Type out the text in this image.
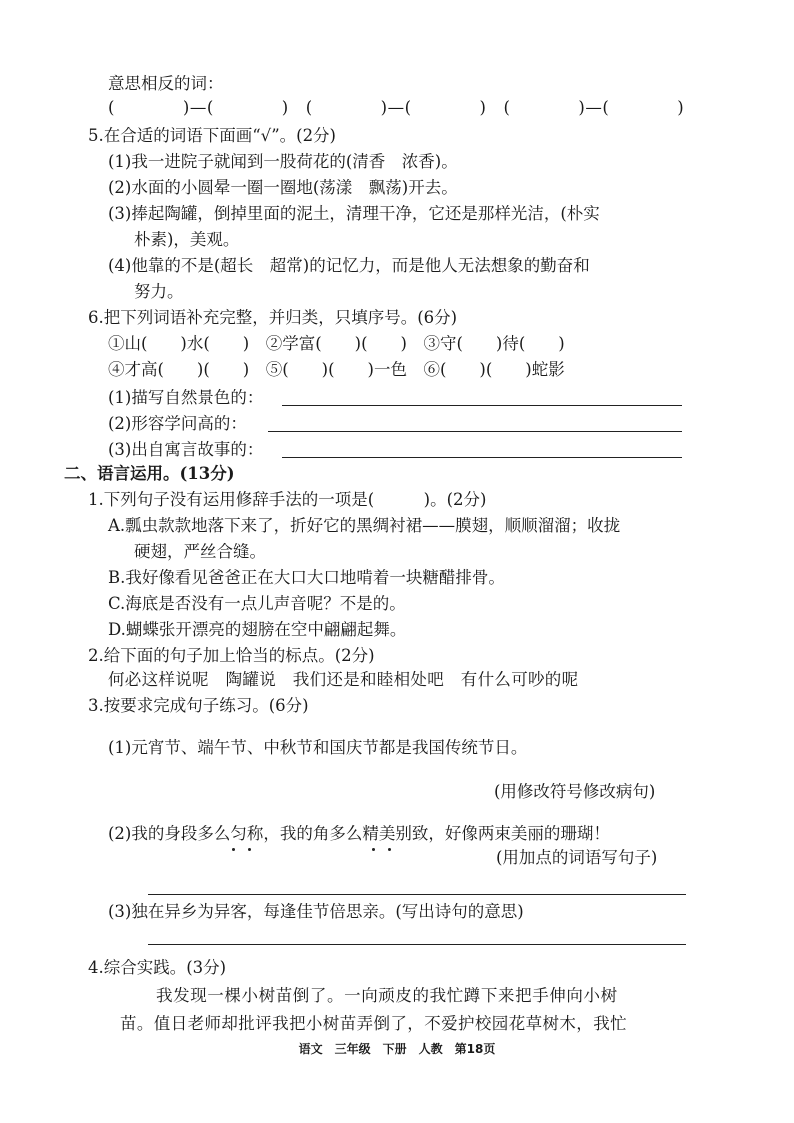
意思相反的词：
(　　　　)—(　　　　)　(　　　　)—(　　　　)　(　　　　)—(　　　　)
5.在合适的词语下面画“√”。(2分)
(1)我一进院子就闻到一股荷花的(清香　浓香)。
(2)水面的小圆晕一圈一圈地(荡漾　飘荡)开去。
(3)捧起陶罐，倒掉里面的泥土，清理干净，它还是那样光洁，(朴实
朴素)，美观。
(4)他靠的不是(超长　超常)的记忆力，而是他人无法想象的勤奋和
努力。
6.把下列词语补充完整，并归类，只填序号。(6分)
①山(　　)水(　　)　②学富(　　)(　　)　③守(　　)待(　　)
④才高(　　)(　　)　⑤(　　)(　　)一色　⑥(　　)(　　)蛇影
(1)描写自然景色的：
(2)形容学问高的：
(3)出自寓言故事的：
二、语言运用。(13分)
1.下列句子没有运用修辞手法的一项是(　　　)。(2分)
A.瓢虫款款地落下来了，折好它的黑绸衬裙——膜翅，顺顺溜溜；收拢
硬翅，严丝合缝。
B.我好像看见爸爸正在大口大口地啃着一块糖醋排骨。
C.海底是否没有一点儿声音呢？不是的。
D.蝴蝶张开漂亮的翅膀在空中翩翩起舞。
2.给下面的句子加上恰当的标点。(2分)
何必这样说呢　陶罐说　我们还是和睦相处吧　有什么可吵的呢
3.按要求完成句子练习。(6分)
(1)元宵节、端午节、中秋节和国庆节都是我国传统节日。
(用修改符号修改病句)
(2)我的身段多么匀称，我的角多么精美别致，好像两束美丽的珊瑚！
(用加点的词语写句子)
(3)独在异乡为异客，每逢佳节倍思亲。(写出诗句的意思)
4.综合实践。(3分)
我发现一棵小树苗倒了。一向顽皮的我忙蹲下来把手伸向小树
苗。值日老师却批评我把小树苗弄倒了，不爱护校园花草树木，我忙
语文　三年级　下册　人教　第18页
